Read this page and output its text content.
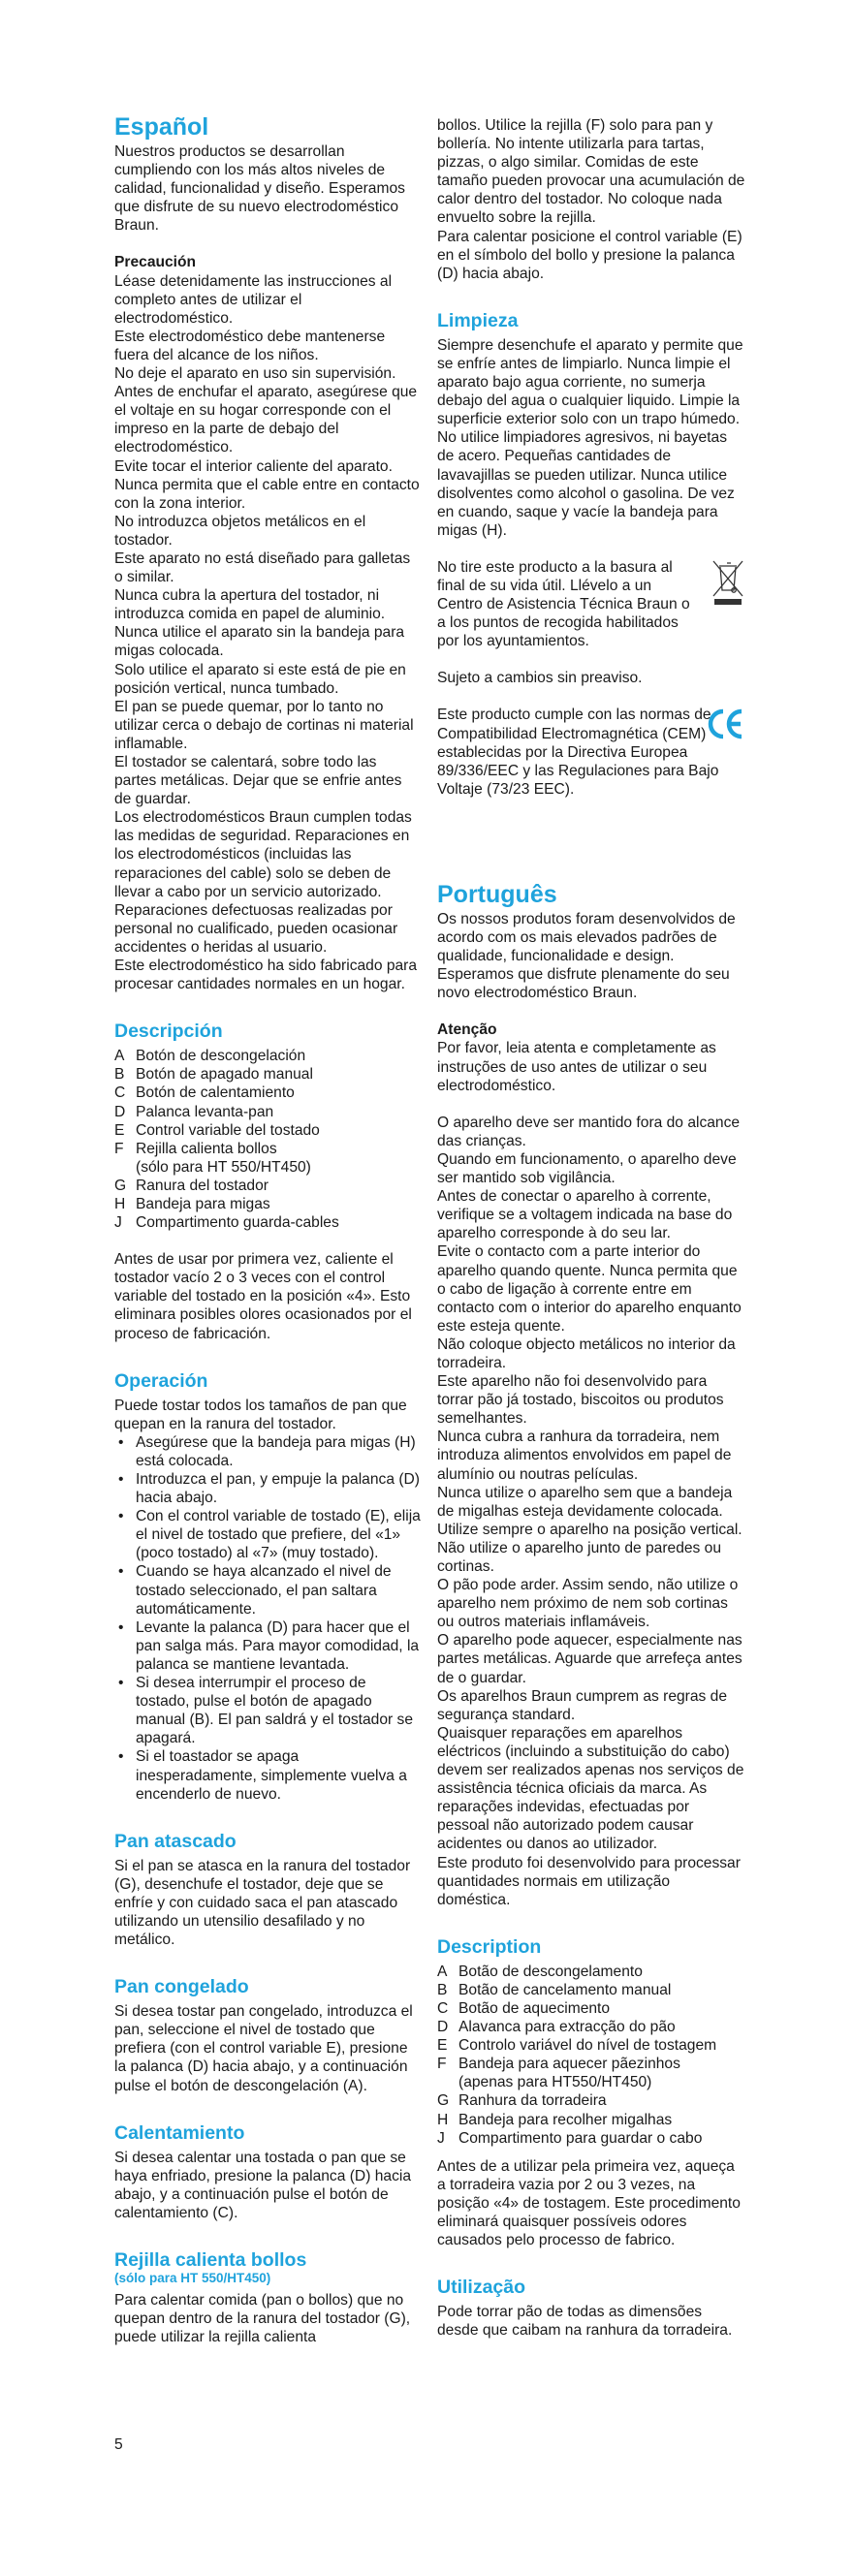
Español

Nuestros productos se desarrollan cumpliendo con los más altos niveles de calidad, funcionalidad y diseño. Esperamos que disfrute de su nuevo electrodoméstico Braun.

Precaución

Léase detenidamente las instrucciones al completo antes de utilizar el electrodoméstico.

Este electrodoméstico debe mantenerse fuera del alcance de los niños.

No deje el aparato en uso sin supervisión.

Antes de enchufar el aparato, asegúrese que el voltaje en su hogar corresponde con el impreso en la parte de debajo del electrodoméstico.

Evite tocar el interior caliente del aparato.

Nunca permita que el cable entre en contacto con la zona interior.

No introduzca objetos metálicos en el tostador.

Este aparato no está diseñado para galletas o similar.

Nunca cubra la apertura del tostador, ni introduzca comida en papel de aluminio.

Nunca utilice el aparato sin la bandeja para migas colocada.

Solo utilice el aparato si este está de pie en posición vertical, nunca tumbado.

El pan se puede quemar, por lo tanto no utilizar cerca o debajo de cortinas ni material inflamable.

El tostador se calentará, sobre todo las partes metálicas. Dejar que se enfrie antes de guardar.

Los electrodomésticos Braun cumplen todas las medidas de seguridad. Reparaciones en los electrodomésticos (incluidas las reparaciones del cable) solo se deben de llevar a cabo por un servicio autorizado. Reparaciones defectuosas realizadas por personal no cualificado, pueden ocasionar accidentes o heridas al usuario.

Este electrodoméstico ha sido fabricado para procesar cantidades normales en un hogar.

Descripción
A Botón de descongelación
B Botón de apagado manual
C Botón de calentamiento
D Palanca levanta-pan
E Control variable del tostado
F Rejilla calienta bollos
(sólo para HT 550/HT450)
G Ranura del tostador
H Bandeja para migas
J Compartimento guarda-cables

Antes de usar por primera vez, caliente el tostador vacío 2 o 3 veces con el control variable del tostado en la posición «4». Esto eliminara posibles olores ocasionados por el proceso de fabricación.

Operación

Puede tostar todos los tamaños de pan que quepan en la ranura del tostador.

• Asegúrese que la bandeja para migas (H) está colocada.
• Introduzca el pan, y empuje la palanca (D) hacia abajo.
• Con el control variable de tostado (E), elija el nivel de tostado que prefiere, del «1» (poco tostado) al «7» (muy tostado).
• Cuando se haya alcanzado el nivel de tostado seleccionado, el pan saltara automáticamente.
• Levante la palanca (D) para hacer que el pan salga más. Para mayor comodidad, la palanca se mantiene levantada.
• Si desea interrumpir el proceso de tostado, pulse el botón de apagado manual (B). El pan saldrá y el tostador se apagará.
• Si el toastador se apaga inesperadamente, simplemente vuelva a encenderlo de nuevo.
Pan atascado

Si el pan se atasca en la ranura del tostador (G), desenchufe el tostador, deje que se enfríe y con cuidado saca el pan atascado utilizando un utensilio desafilado y no metálico.

Pan congelado

Si desea tostar pan congelado, introduzca el pan, seleccione el nivel de tostado que prefiera (con el control variable E), presione la palanca (D) hacia abajo, y a continuación pulse el botón de descongelación (A).

Calentamiento

Si desea calentar una tostada o pan que se haya enfriado, presione la palanca (D) hacia abajo, y a continuación pulse el botón de calentamiento (C).

Rejilla calienta bollos

(sólo para HT 550/HT450)

Para calentar comida (pan o bollos) que no quepan dentro de la ranura del tostador (G), puede utilizar la rejilla calienta

5

bollos. Utilice la rejilla (F) solo para pan y bollería. No intente utilizarla para tartas, pizzas, o algo similar. Comidas de este tamaño pueden provocar una acumulación de calor dentro del tostador. No coloque nada envuelto sobre la rejilla.

Para calentar posicione el control variable (E) en el símbolo del bollo y presione la palanca (D) hacia abajo.

Limpieza

Siempre desenchufe el aparato y permite que se enfríe antes de limpiarlo. Nunca limpie el aparato bajo agua corriente, no sumerja debajo del agua o cualquier liquido. Limpie la superficie exterior solo con un trapo húmedo. No utilice limpiadores agresivos, ni bayetas de acero. Pequeñas cantidades de lavavajillas se pueden utilizar. Nunca utilice disolventes como alcohol o gasolina. De vez en cuando, saque y vacíe la bandeja para migas (H).

No tire este producto a la basura al final de su vida útil. Llévelo a un Centro de Asistencia Técnica Braun o a los puntos de recogida habilitados por los ayuntamientos.

Sujeto a cambios sin preaviso.

Este producto cumple con las normas de Compatibilidad Electromagnética (CEM) establecidas por la Directiva Europea 89/336/EEC y las Regulaciones para Bajo Voltaje (73/23 EEC).

Português

Os nossos produtos foram desenvolvidos de acordo com os mais elevados padrões de qualidade, funcionalidade e design. Esperamos que disfrute plenamente do seu novo electrodoméstico Braun.

Atenção

Por favor, leia atenta e completamente as instruções de uso antes de utilizar o seu electrodoméstico.

O aparelho deve ser mantido fora do alcance das crianças.

Quando em funcionamento, o aparelho deve ser mantido sob vigilância.

Antes de conectar o aparelho à corrente, verifique se a voltagem indicada na base do aparelho corresponde à do seu lar.

Evite o contacto com a parte interior do aparelho quando quente. Nunca permita que o cabo de ligação à corrente entre em contacto com o interior do aparelho enquanto este esteja quente.

Não coloque objecto metálicos no interior da torradeira.

Este aparelho não foi desenvolvido para torrar pão já tostado, biscoitos ou produtos semelhantes.

Nunca cubra a ranhura da torradeira, nem introduza alimentos envolvidos em papel de alumínio ou noutras películas.

Nunca utilize o aparelho sem que a bandeja de migalhas esteja devidamente colocada.

Utilize sempre o aparelho na posição vertical.

Não utilize o aparelho junto de paredes ou cortinas.

O pão pode arder. Assim sendo, não utilize o aparelho nem próximo de nem sob cortinas ou outros materiais inflamáveis.

O aparelho pode aquecer, especialmente nas partes metálicas. Aguarde que arrefeça antes de o guardar.

Os aparelhos Braun cumprem as regras de segurança standard.

Quaisquer reparações em aparelhos eléctricos (incluindo a substituição do cabo) devem ser realizados apenas nos serviços de assistência técnica oficiais da marca. As reparações indevidas, efectuadas por pessoal não autorizado podem causar acidentes ou danos ao utilizador.

Este produto foi desenvolvido para processar quantidades normais em utilização doméstica.

Description
A Botão de descongelamento
B Botão de cancelamento manual
C Botão de aquecimento
D Alavanca para extracção do pão
E Controlo variável do nível de tostagem
F Bandeja para aquecer pãezinhos
(apenas para HT550/HT450)
G Ranhura da torradeira
H Bandeja para recolher migalhas
J Compartimento para guardar o cabo

Antes de a utilizar pela primeira vez, aqueça a torradeira vazia por 2 ou 3 vezes, na posição «4» de tostagem. Este procedimento eliminará quaisquer possíveis odores causados pelo processo de fabrico.

Utilização

Pode torrar pão de todas as dimensões desde que caibam na ranhura da torradeira.
